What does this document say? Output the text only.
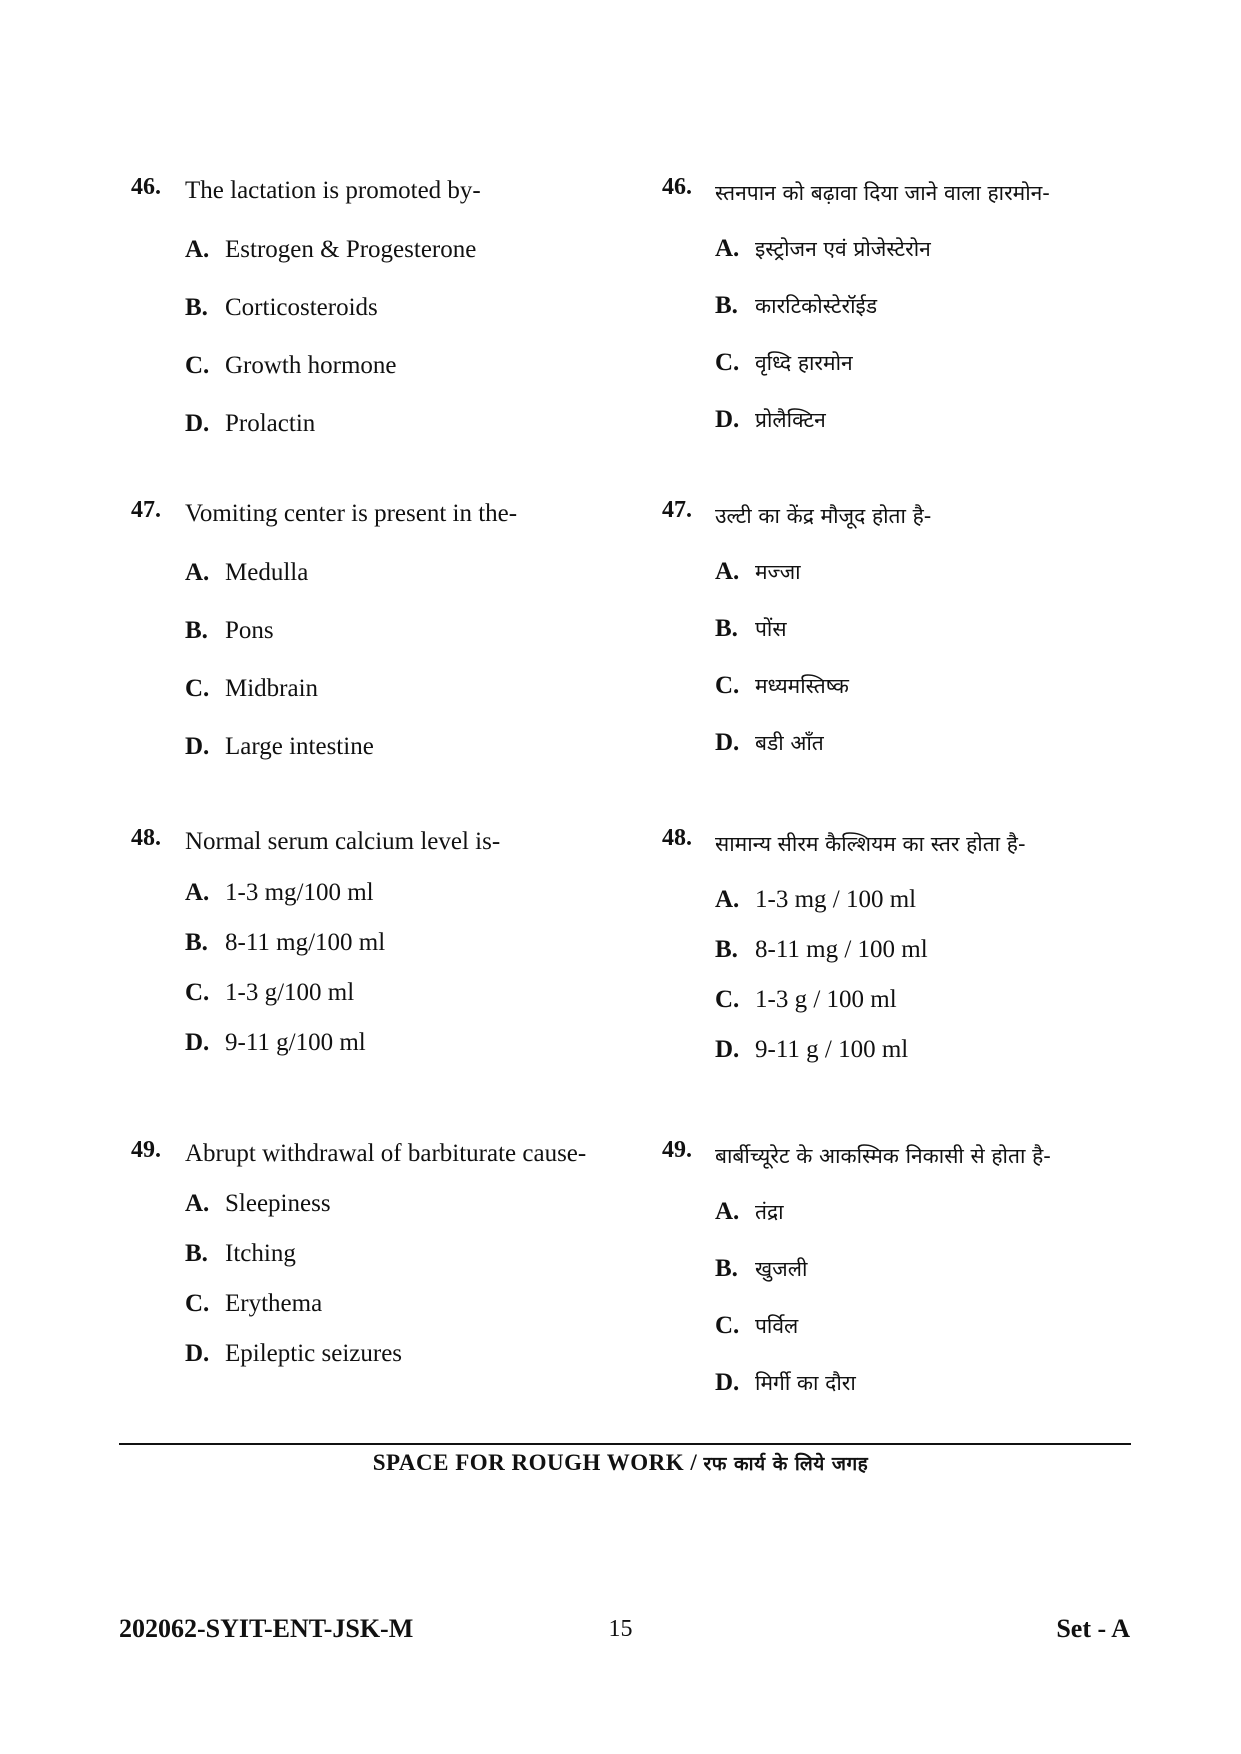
46. The lactation is promoted by-
A. Estrogen & Progesterone
B. Corticosteroids
C. Growth hormone
D. Prolactin
46. स्तनपान को बढ़ावा दिया जाने वाला हारमोन-
A. इस्ट्रोजन एवं प्रोजेस्टेरोन
B. कारटिकोस्टेरॉईड
C. वृध्दि हारमोन
D. प्रोलैक्टिन
47. Vomiting center is present in the-
A. Medulla
B. Pons
C. Midbrain
D. Large intestine
47. उल्टी का केंद्र मौजूद होता है-
A. मज्जा
B. पोंस
C. मध्यमस्तिष्क
D. बडी आँत
48. Normal serum calcium level is-
A. 1-3 mg/100 ml
B. 8-11 mg/100 ml
C. 1-3 g/100 ml
D. 9-11 g/100 ml
48. सामान्य सीरम कैल्शियम का स्तर होता है-
A. 1-3 mg / 100 ml
B. 8-11 mg / 100 ml
C. 1-3 g / 100 ml
D. 9-11 g / 100 ml
49. Abrupt withdrawal of barbiturate cause-
A. Sleepiness
B. Itching
C. Erythema
D. Epileptic seizures
49. बार्बीच्यूरेट के आकस्मिक निकासी से होता है-
A. तंद्रा
B. खुजली
C. पर्विल
D. मिर्गी का दौरा
SPACE FOR ROUGH WORK / रफ कार्य के लिये जगह
202062-SYIT-ENT-JSK-M	15	Set - A
